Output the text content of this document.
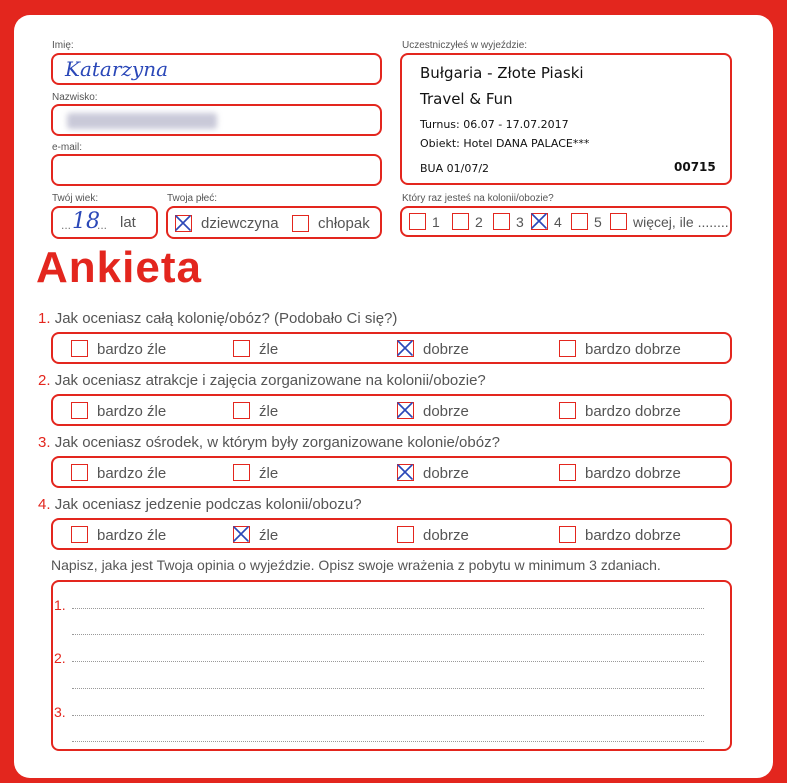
Imię:
Katarzyna
Nazwisko:
e-mail:
Twój wiek:
... 18
... lat
Twoja płeć:
dziewczyna	chłopak
Uczestniczyłeś w wyjeździe:
Bułgaria - Złote Piaski
Travel & Fun
Turnus: 06.07 - 17.07.2017
Obiekt: Hotel DANA PALACE***
BUA 01/07/2	00715
Który raz jesteś na kolonii/obozie?
1	2 3 4 5 więcej, ile ........
Ankieta
1. Jak oceniasz całą kolonię/obóz? (Podobało Ci się?)
bardzo źle	źle	dobrze	bardzo dobrze
2. Jak oceniasz atrakcje i zajęcia zorganizowane na kolonii/obozie?
bardzo źle	źle	dobrze	bardzo dobrze
3. Jak oceniasz ośrodek, w którym były zorganizowane kolonie/obóz?
bardzo źle	źle	dobrze	bardzo dobrze
4. Jak oceniasz jedzenie podczas kolonii/obozu?
bardzo źle	źle	dobrze	bardzo dobrze
Napisz, jaka jest Twoja opinia o wyjeździe. Opisz swoje wrażenia z pobytu w minimum 3 zdaniach.
1.
2.
3.
